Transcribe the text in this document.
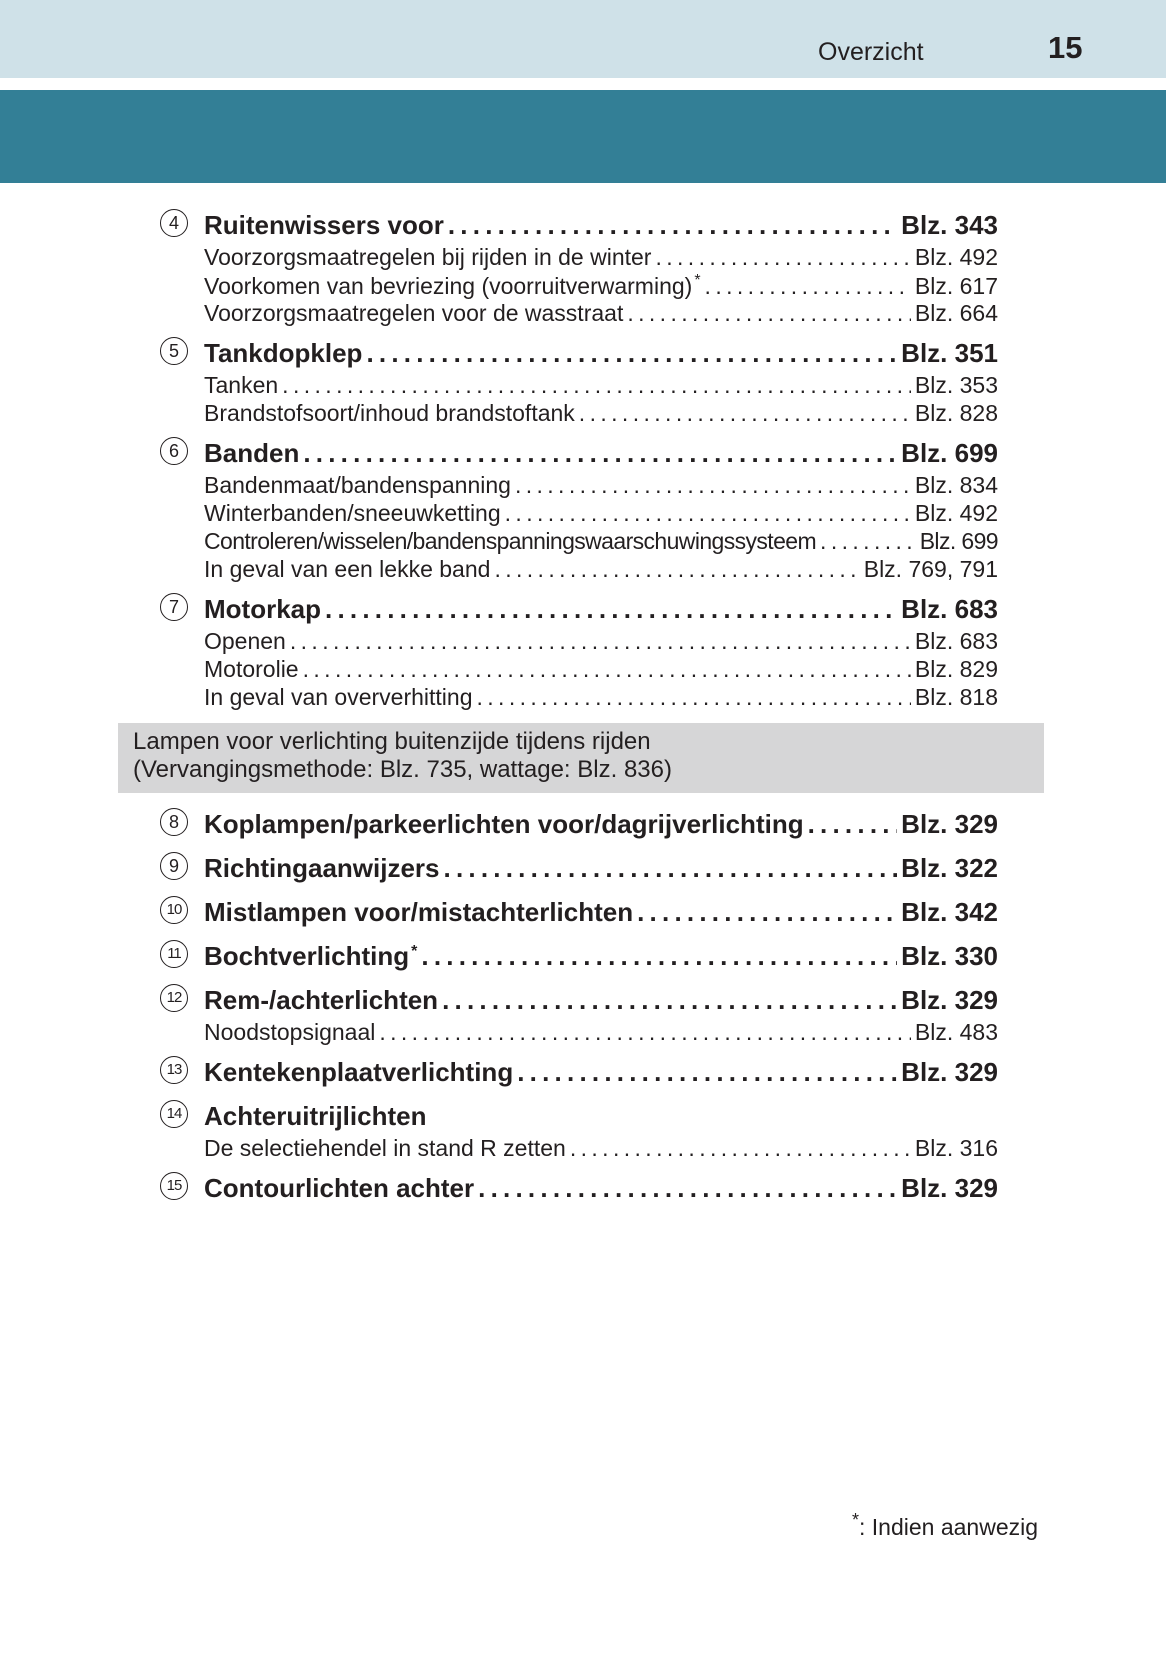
Overzicht	15
4 Ruitenwissers voor . . .	Blz. 343
Voorzorgsmaatregelen bij rijden in de winter . . .	Blz. 492
Voorkomen van bevriezing (voorruitverwarming) * . . .	Blz. 617
Voorzorgsmaatregelen voor de wasstraat . . .	Blz. 664
5 Tankdopklep . . .	Blz. 351
Tanken . . .	Blz. 353
Brandstofsoort/inhoud brandstoftank . . .	Blz. 828
6 Banden . . .	Blz. 699
Bandenmaat/bandenspanning . . .	Blz. 834
Winterbanden/sneeuwketting . . .	Blz. 492
Controleren/wisselen/bandenspanningswaarschuwingssysteem . . .	Blz. 699
In geval van een lekke band . . .	Blz. 769, 791
7 Motorkap . . .	Blz. 683
Openen . . .	Blz. 683
Motorolie . . .	Blz. 829
In geval van oververhitting . . .	Blz. 818
Lampen voor verlichting buitenzijde tijdens rijden
(Vervangingsmethode: Blz. 735, wattage: Blz. 836)
8 Koplampen/parkeerlichten voor/dagrijverlichting . . .	Blz. 329
9 Richtingaanwijzers . . .	Blz. 322
10 Mistlampen voor/mistachterlichten . . .	Blz. 342
11 Bochtverlichting * . . .	Blz. 330
12 Rem-/achterlichten . . .	Blz. 329
Noodstopsignaal . . .	Blz. 483
13 Kentekenplaatverlichting . . .	Blz. 329
14 Achteruitrijlichten
De selectiehendel in stand R zetten . . .	Blz. 316
15 Contourlichten achter . . .	Blz. 329
*: Indien aanwezig
